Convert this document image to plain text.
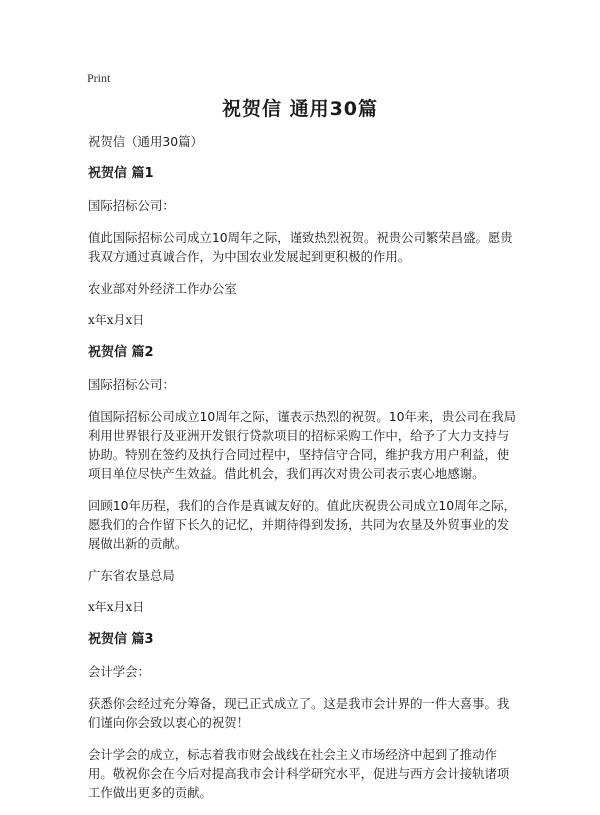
Print
祝贺信 通用30篇

祝贺信（通用30篇）

祝贺信 篇1

国际招标公司：

值此国际招标公司成立10周年之际，谨致热烈祝贺。祝贵公司繁荣昌盛。愿贵我双方通过真诚合作，为中国农业发展起到更积极的作用。

农业部对外经济工作办公室

x年x月x日

祝贺信 篇2

国际招标公司：

值国际招标公司成立10周年之际，谨表示热烈的祝贺。10年来，贵公司在我局利用世界银行及亚洲开发银行贷款项目的招标采购工作中，给予了大力支持与协助。特别在签约及执行合同过程中，坚持信守合同，维护我方用户利益，使项目单位尽快产生效益。借此机会，我们再次对贵公司表示衷心地感谢。

回顾10年历程，我们的合作是真诚友好的。值此庆祝贵公司成立10周年之际，愿我们的合作留下长久的记忆，并期待得到发扬，共同为农垦及外贸事业的发展做出新的贡献。

广东省农垦总局

x年x月x日

祝贺信 篇3

会计学会：

获悉你会经过充分筹备，现已正式成立了。这是我市会计界的一件大喜事。我们谨向你会致以衷心的祝贺！

会计学会的成立，标志着我市财会战线在社会主义市场经济中起到了推动作用。敬祝你会在今后对提高我市会计科学研究水平，促进与西方会计接轨诸项工作做出更多的贡献。
